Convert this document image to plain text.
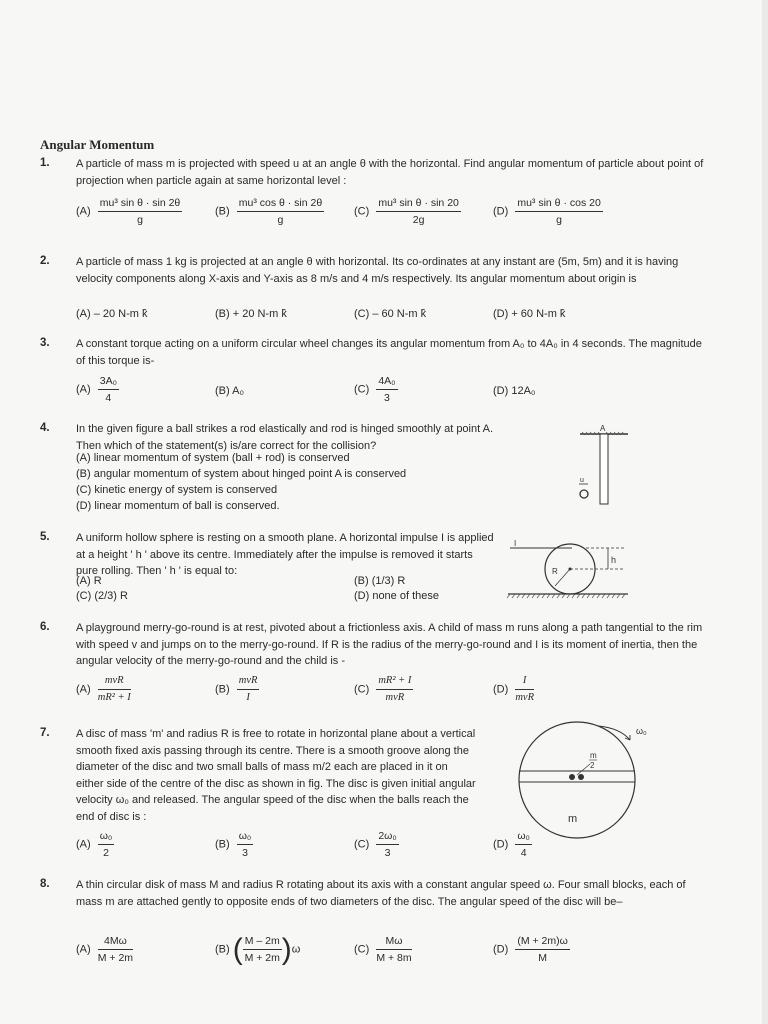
Angular Momentum
1. A particle of mass m is projected with speed u at an angle θ with the horizontal. Find angular momentum of particle about point of projection when particle again at same horizontal level :
$(A) \frac{\text{mu³ sin θ · sin 2θ}}{g}$	$(B) \frac{\text{mu³ cos θ · sin 2θ}}{g}$	$(C) \frac{\text{mu³ sin θ · sin 20}}{2g}$	$(D) \frac{\text{mu³ sin θ · cos 20}}{g}$
2. A particle of mass 1 kg is projected at an angle θ with horizontal. Its co-ordinates at any instant are (5m, 5m) and it is having velocity components along X-axis and Y-axis as 8 m/s and 4 m/s respectively. Its angular momentum about origin is
(A) – 20 N-m k̂	(B) + 20 N-m k̂	(C) – 60 N-m k̂	(D) + 60 N-m k̂
3. A constant torque acting on a uniform circular wheel changes its angular momentum from A₀ to 4A₀ in 4 seconds. The magnitude of this torque is-
$(A) \frac{\text{3A₀}}{4}$	(B) A₀	$(C) \frac{\text{4A₀}}{3}$	(D) 12A₀
4. In the given figure a ball strikes a rod elastically and rod is hinged smoothly at point A. Then which of the statement(s) is/are correct for the collision?
(A) linear momentum of system (ball + rod) is conserved
(B) angular momentum of system about hinged point A is conserved
(C) kinetic energy of system is conserved
(D) linear momentum of ball is conserved.
A
u
5. A uniform hollow sphere is resting on a smooth plane. A horizontal impulse I is applied at a height ' h ' above its centre. Immediately after the impulse is removed it starts pure rolling. Then ' h ' is equal to:
(A) R	(B) (1/3) R
(C) (2/3) R	(D) none of these
I
R
h
6. A playground merry-go-round is at rest, pivoted about a frictionless axis. A child of mass m runs along a path tangential to the rim with speed v and jumps on to the merry-go-round. If R is the radius of the merry-go-round and I is its moment of inertia, then the angular velocity of the merry-go-round and the child is -
$(A) \frac{\text{mvR}}{\text{mR² + I}}$	$(B) \frac{\text{mvR}}{I}$	$(C) \frac{\text{mR² + I}}{\text{mvR}}$	$(D) \frac{I}{\text{mvR}}$
7. A disc of mass 'm' and radius R is free to rotate in horizontal plane about a vertical smooth fixed axis passing through its centre. There is a smooth groove along the diameter of the disc and two small balls of mass m/2 each are placed in it on either side of the centre of the disc as shown in fig. The disc is given initial angular velocity ω₀ and released. The angular speed of the disc when the balls reach the end of disc is :
$(A) \frac{\text{ω₀}}{2}$	$(B) \frac{\text{ω₀}}{3}$	$(C) \frac{\text{2ω₀}}{3}$	$(D) \frac{\text{ω₀}}{4}$
m
2
m
ω₀
8. A thin circular disk of mass M and radius R rotating about its axis with a constant angular speed ω. Four small blocks, each of mass m are attached gently to opposite ends of two diameters of the disc. The angular speed of the disc will be–
$(A) \frac{4M\omega}{M + 2m}$	(B) ( $\frac{M - 2m}{M + 2m} )\omega$	$(C) \frac{M\omega}{M + 8m}$	$(D) \frac{(M + 2m)\omega}{M}$
